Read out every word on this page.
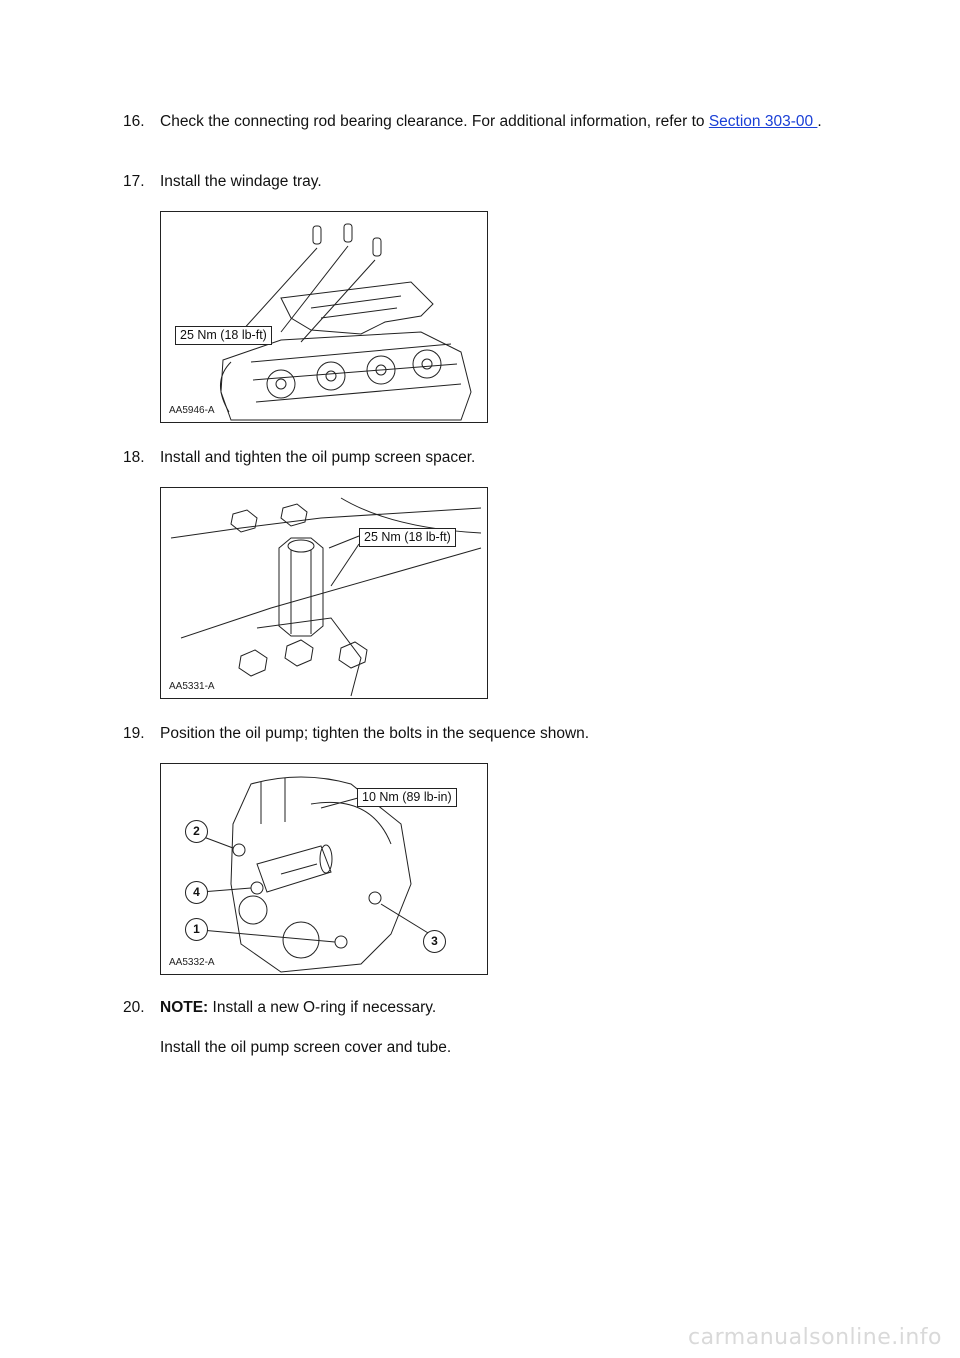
16. Check the connecting rod bearing clearance. For additional information, refer to Section 303-00 .
17. Install the windage tray.
25 Nm (18 lb-ft)
AA5946-A
18. Install and tighten the oil pump screen spacer.
25 Nm (18 lb-ft)
AA5331-A
19. Position the oil pump; tighten the bolts in the sequence shown.
10 Nm (89 lb-in)
2
4
1
3
AA5332-A
20. NOTE: Install a new O-ring if necessary.
Install the oil pump screen cover and tube.
carmanualsonline.info
